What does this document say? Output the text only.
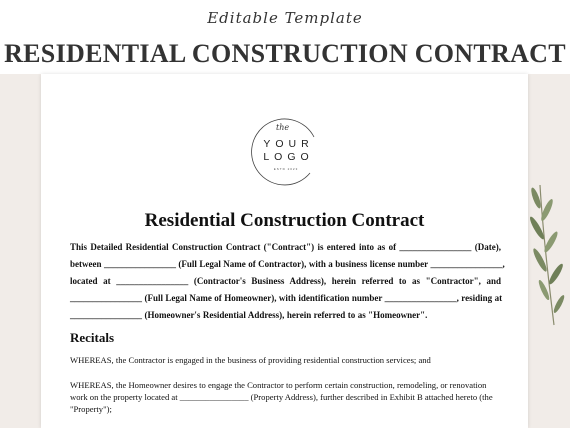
Editable Template
RESIDENTIAL CONSTRUCTION CONTRACT
the
YOUR
LOGO
ESTD 2023
Residential Construction Contract
This Detailed Residential Construction Contract ("Contract") is entered into as of ________________ (Date),
between ________________ (Full Legal Name of Contractor), with a business license number ________________,
located at ________________ (Contractor's Business Address), herein referred to as "Contractor", and
________________ (Full Legal Name of Homeowner), with identification number ________________, residing at
________________ (Homeowner's Residential Address), herein referred to as "Homeowner".
Recitals
WHEREAS, the Contractor is engaged in the business of providing residential construction services; and
WHEREAS, the Homeowner desires to engage the Contractor to perform certain construction, remodeling, or renovation work on the property located at ________________ (Property Address), further described in Exhibit B attached hereto (the "Property");
